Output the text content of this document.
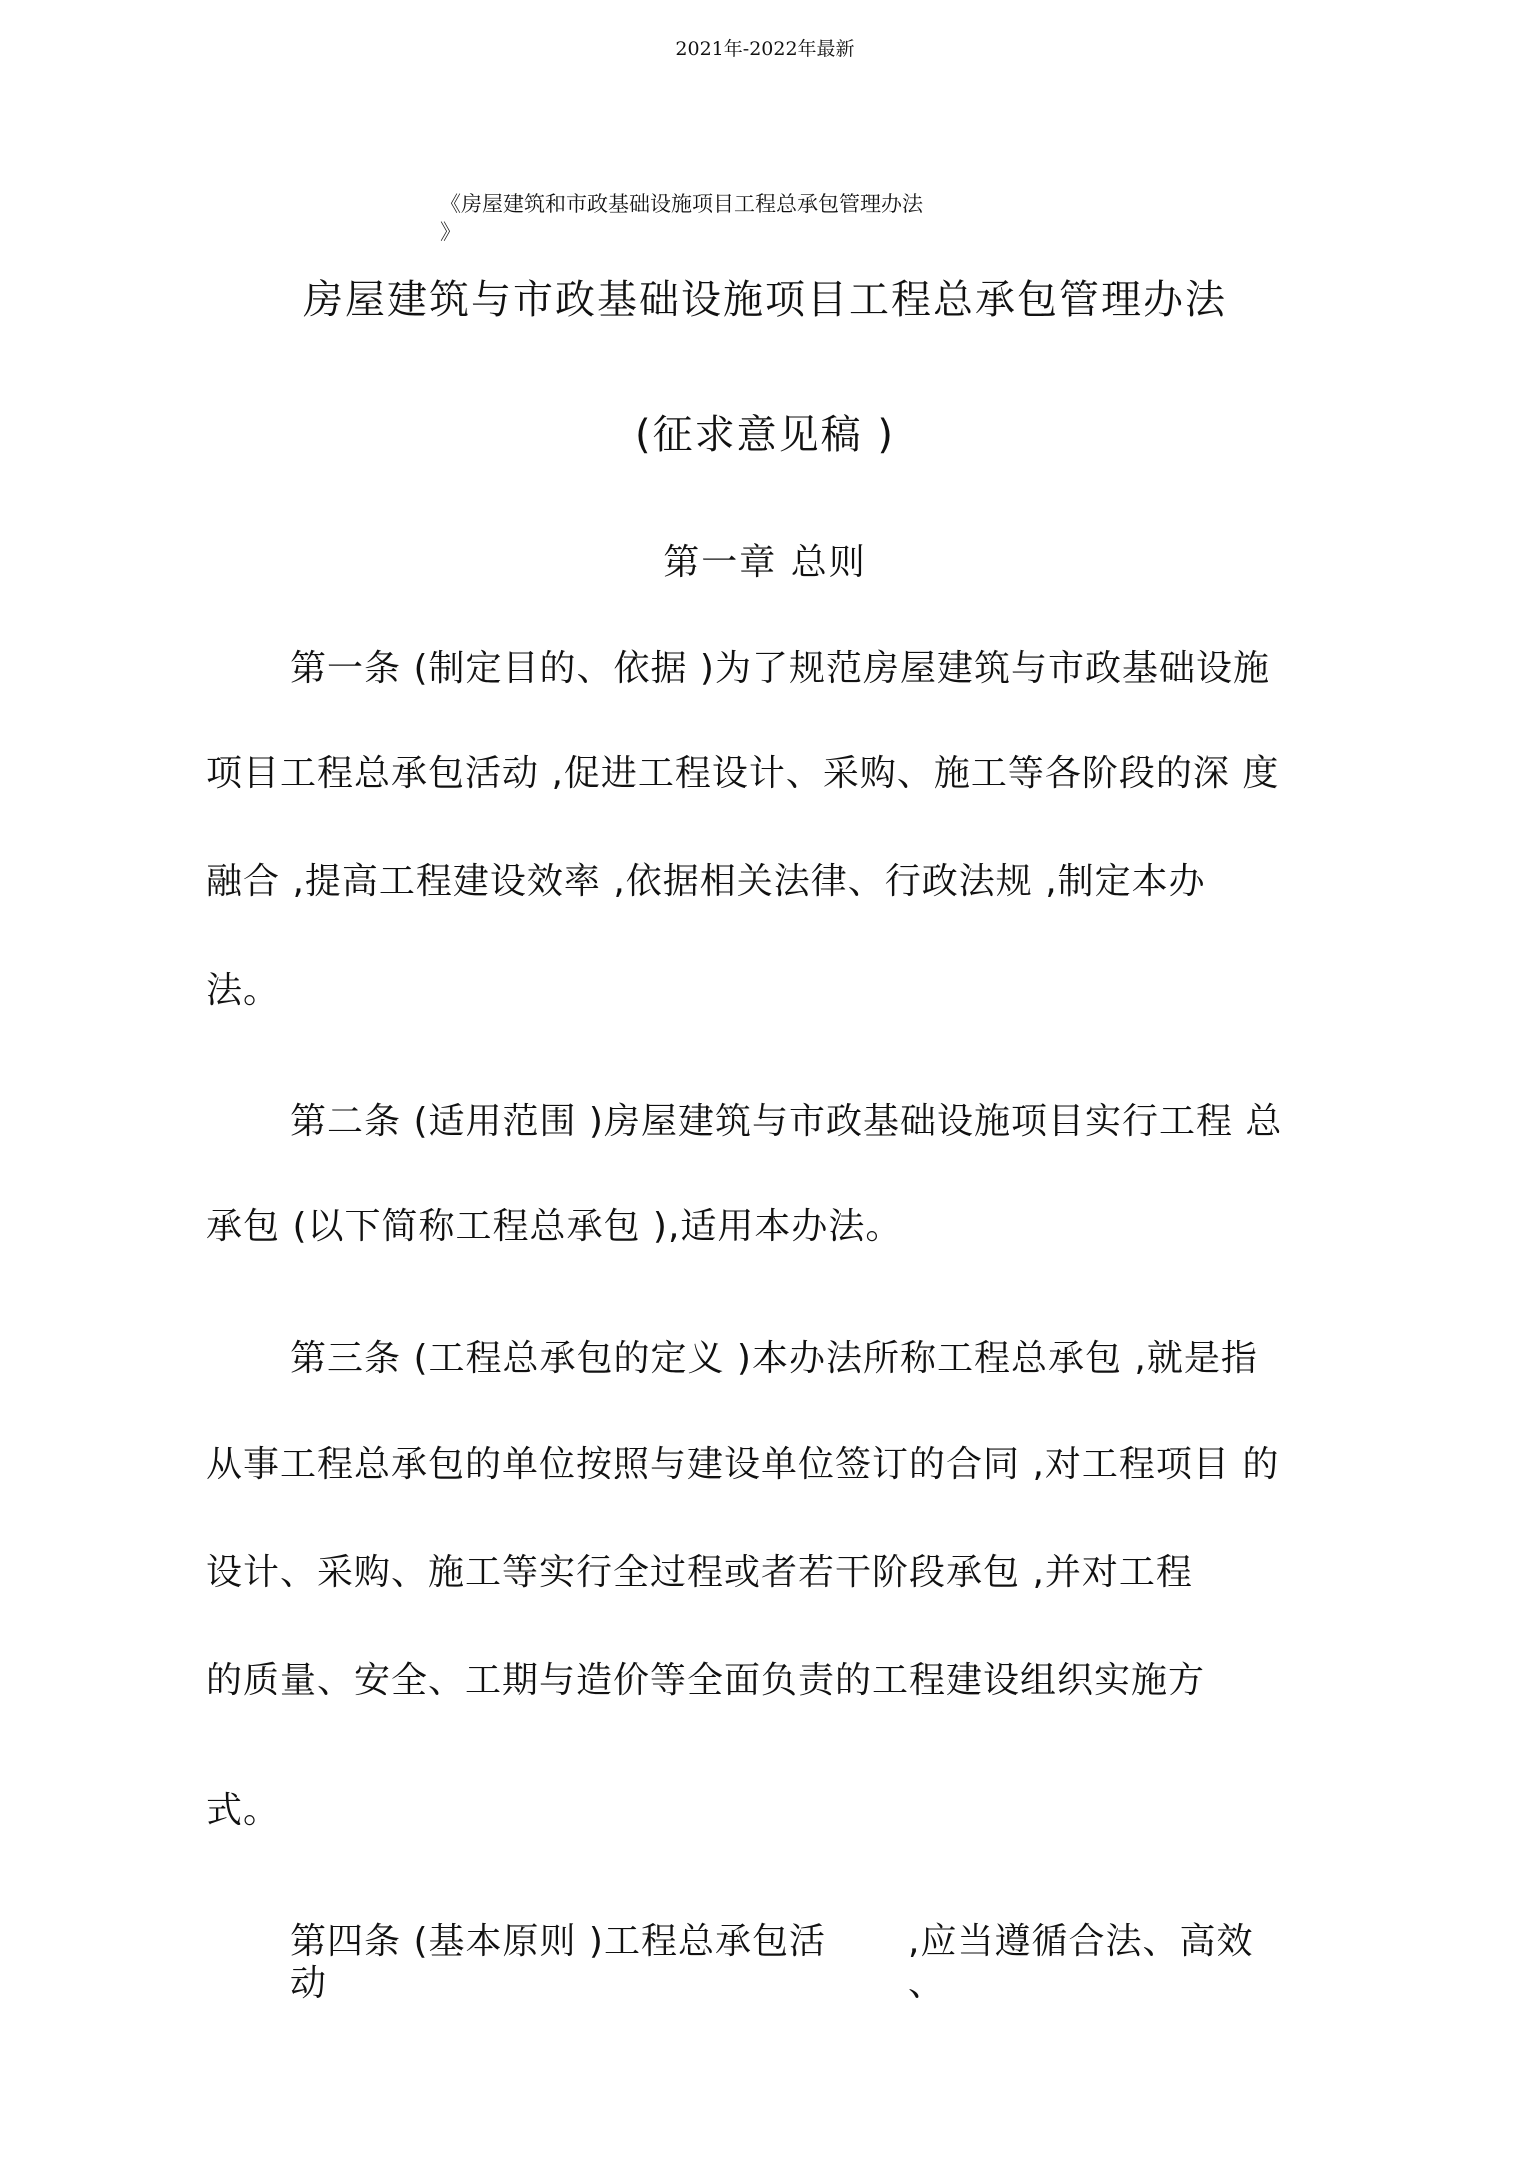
2021年-2022年最新
《房屋建筑和市政基础设施项目工程总承包管理办法
》
房屋建筑与市政基础设施项目工程总承包管理办法
(征求意见稿 )
第一章 总则
第一条 (制定目的、依据 )为了规范房屋建筑与市政基础设施
项目工程总承包活动 ,促进工程设计、采购、施工等各阶段的深 度
融合 ,提高工程建设效率 ,依据相关法律、行政法规 ,制定本办
法。
第二条 (适用范围 )房屋建筑与市政基础设施项目实行工程 总
承包 (以下简称工程总承包 ),适用本办法。
第三条 (工程总承包的定义 )本办法所称工程总承包 ,就是指
从事工程总承包的单位按照与建设单位签订的合同 ,对工程项目 的
设计、采购、施工等实行全过程或者若干阶段承包 ,并对工程
的质量、安全、工期与造价等全面负责的工程建设组织实施方
式。
第四条 (基本原则 )工程总承包活 ,应当遵循合法、高效
动	、
